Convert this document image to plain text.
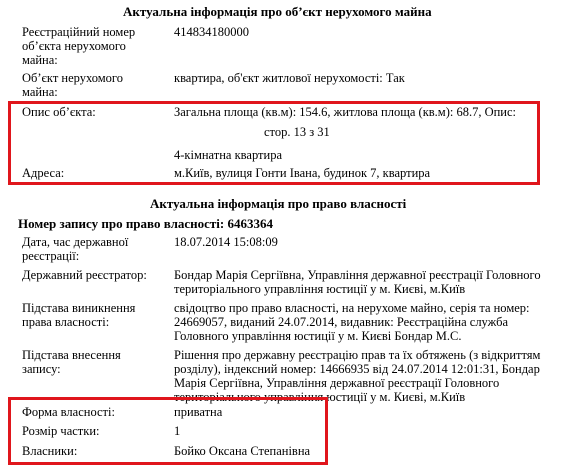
Актуальна інформація про об’єкт нерухомого майна
Реєстраційний номер
об’єкта нерухомого
майна:
414834180000
Об’єкт нерухомого
майна:
квартира, об'єкт житлової нерухомості: Так
Опис об’єкта:	Загальна площа (кв.м): 154.6, житлова площа (кв.м): 68.7, Опис:
стор. 13 з 31
4-кімнатна квартира
Адреса:	м.Київ, вулиця Гонти Івана, будинок 7, квартира
Актуальна інформація про право власності
Номер запису про право власності: 6463364
Дата, час державної
реєстрації:
18.07.2014 15:08:09
Державний реєстратор: Бондар Марія Сергіївна, Управління державної реєстрації Головного
територіального управління юстиції у м. Києві, м.Київ
Підстава виникнення
права власності:
свідоцтво про право власності, на нерухоме майно, серія та номер:
24669057, виданий 24.07.2014, видавник: Реєстраційна служба
Головного управління юстиції у м. Києві Бондар М.С.
Підстава внесення
запису:
Рішення про державну реєстрацію прав та їх обтяжень (з відкриттям
розділу), індексний номер: 14666935 від 24.07.2014 12:01:31, Бондар
Марія Сергіївна, Управління державної реєстрації Головного
територіального управління юстиції у м. Києві, м.Київ
Форма власності:	приватна
Розмір частки:	1
Власники:	Бойко Оксана Степанівна
